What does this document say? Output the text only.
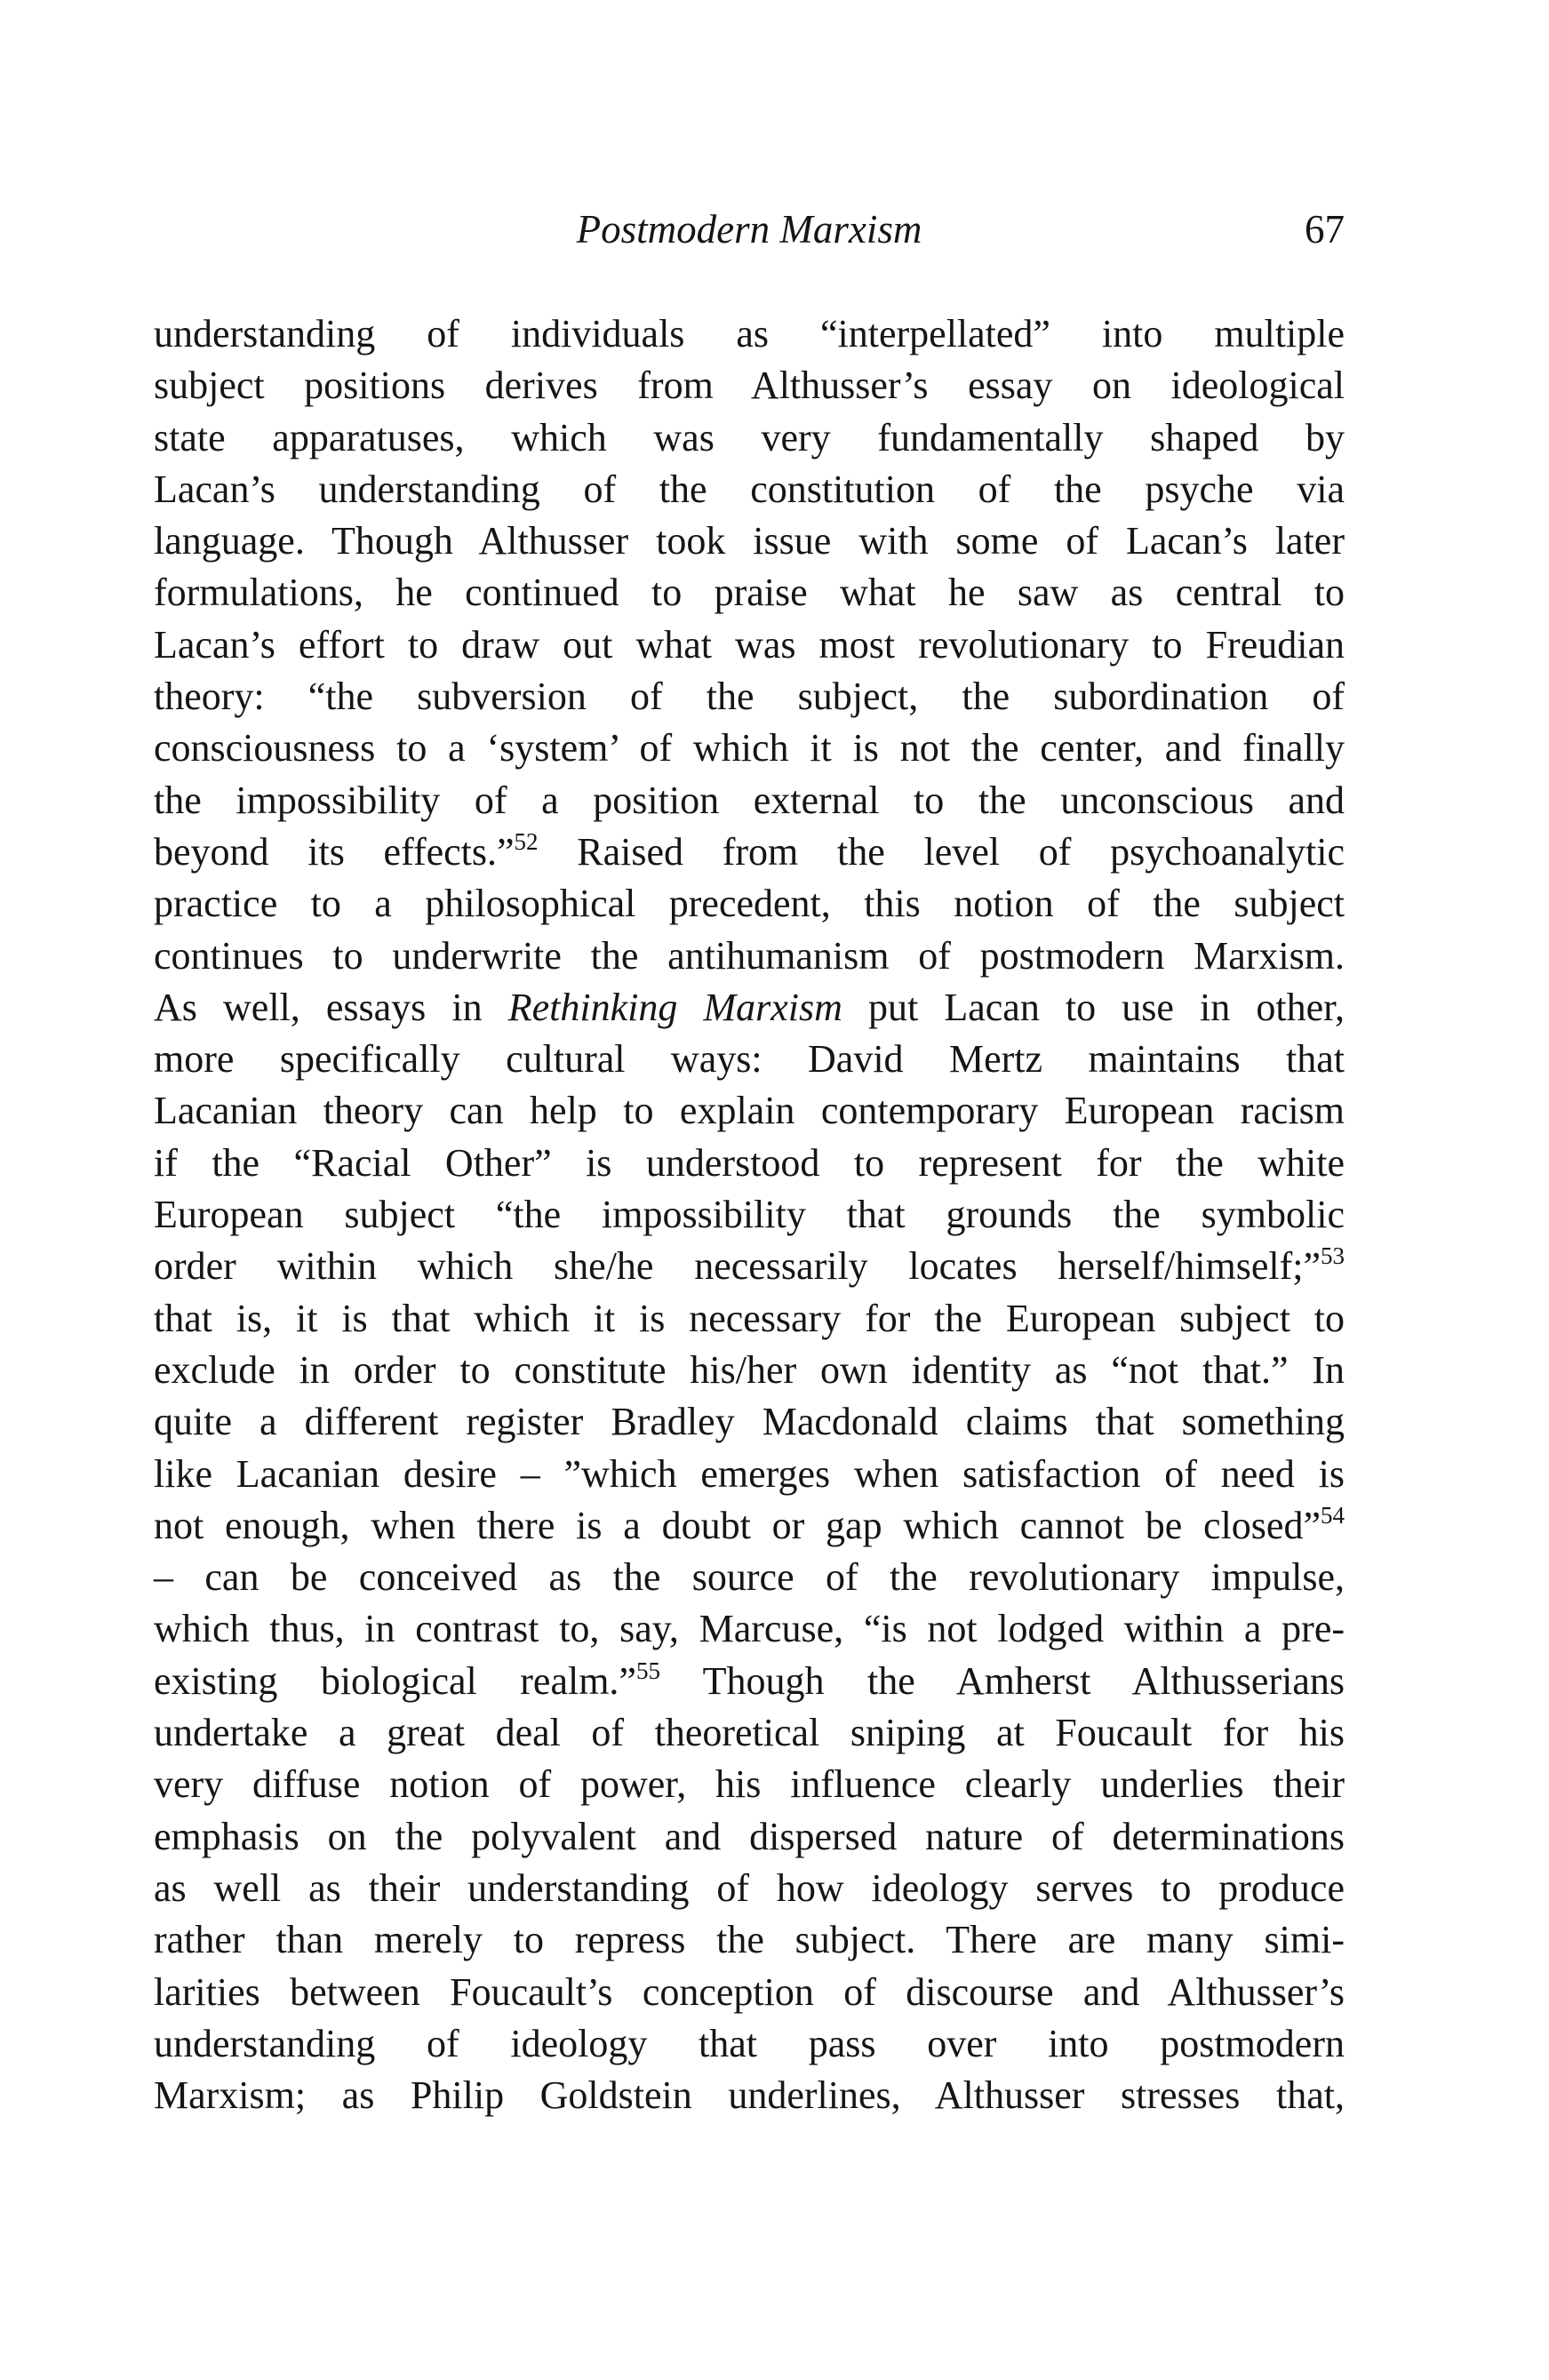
Postmodern Marxism	67
understanding of individuals as “interpellated” into multiple
subject positions derives from Althusser’s essay on ideological
state apparatuses, which was very fundamentally shaped by
Lacan’s understanding of the constitution of the psyche via
language. Though Althusser took issue with some of Lacan’s later
formulations, he continued to praise what he saw as central to
Lacan’s effort to draw out what was most revolutionary to Freudian
theory: “the subversion of the subject, the subordination of
consciousness to a ‘system’ of which it is not the center, and finally
the impossibility of a position external to the unconscious and
beyond its effects.”$^{52}$ Raised from the level of psychoanalytic
practice to a philosophical precedent, this notion of the subject
continues to underwrite the antihumanism of postmodern Marxism.
As well, essays in Rethinking Marxism put Lacan to use in other,
more specifically cultural ways: David Mertz maintains that
Lacanian theory can help to explain contemporary European racism
if the “Racial Other” is understood to represent for the white
European subject “the impossibility that grounds the symbolic
order within which she/he necessarily locates herself/himself;”$^{53}$
that is, it is that which it is necessary for the European subject to
exclude in order to constitute his/her own identity as “not that.” In
quite a different register Bradley Macdonald claims that something
like Lacanian desire – ”which emerges when satisfaction of need is
not enough, when there is a doubt or gap which cannot be closed”$^{54}$
– can be conceived as the source of the revolutionary impulse,
which thus, in contrast to, say, Marcuse, “is not lodged within a pre-
existing biological realm.”$^{55}$ Though the Amherst Althusserians
undertake a great deal of theoretical sniping at Foucault for his
very diffuse notion of power, his influence clearly underlies their
emphasis on the polyvalent and dispersed nature of determinations
as well as their understanding of how ideology serves to produce
rather than merely to repress the subject. There are many simi-
larities between Foucault’s conception of discourse and Althusser’s
understanding of ideology that pass over into postmodern
Marxism; as Philip Goldstein underlines, Althusser stresses that,
